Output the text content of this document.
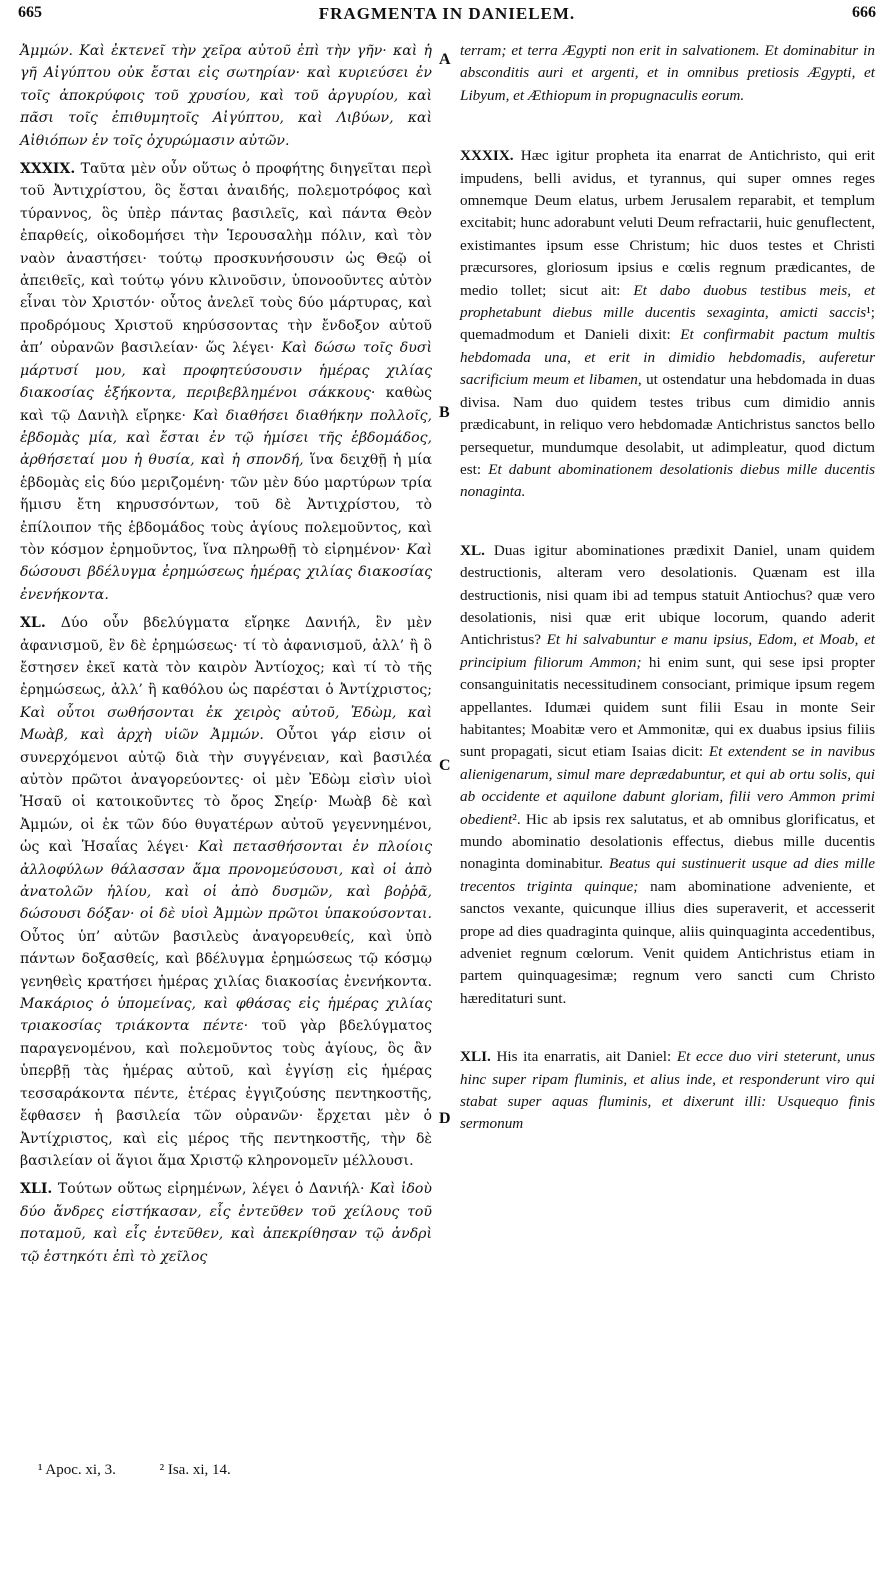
665	FRAGMENTA IN DANIELEM.	666
A
B
C
D

Ἀμμών. Καὶ ἐκτενεῖ τὴν χεῖρα αὐτοῦ ἐπὶ τὴν γῆν· καὶ ἡ γῆ Αἰγύπτου οὐκ ἔσται εἰς σωτηρίαν· καὶ κυριεύσει ἐν τοῖς ἀποκρύφοις τοῦ χρυσίου, καὶ τοῦ ἀργυρίου, καὶ πᾶσι τοῖς ἐπιθυμητοῖς Αἰγύπτου, καὶ Λιβύων, καὶ Αἰθιόπων ἐν τοῖς ὀχυρώμασιν αὐτῶν.

XXXIX. Ταῦτα μὲν οὖν οὕτως ὁ προφήτης διηγεῖται περὶ τοῦ Ἀντιχρίστου, ὃς ἔσται ἀναιδής, πολεμοτρόφος καὶ τύραννος, ὃς ὑπὲρ πάντας βασιλεῖς, καὶ πάντα Θεὸν ἐπαρθείς, οἰκοδομήσει τὴν Ἱερουσαλὴμ πόλιν, καὶ τὸν ναὸν ἀναστήσει· τούτῳ προσκυνήσουσιν ὡς Θεῷ οἱ ἀπειθεῖς, καὶ τούτῳ γόνυ κλινοῦσιν, ὑπονοοῦντες αὐτὸν εἶναι τὸν Χριστόν· οὗτος ἀνελεῖ τοὺς δύο μάρτυρας, καὶ προδρόμους Χριστοῦ κηρύσσοντας τὴν ἔνδοξον αὐτοῦ ἀπ’ οὐρανῶν βασιλείαν· ὥς λέγει· Καὶ δώσω τοῖς δυσὶ μάρτυσί μου, καὶ προφητεύσουσιν ἡμέρας χιλίας διακοσίας ἑξήκοντα, περιβεβλημένοι σάκκους· καθὼς καὶ τῷ Δανιὴλ εἴρηκε· Καὶ διαθήσει διαθήκην πολλοῖς, ἑβδομὰς μία, καὶ ἔσται ἐν τῷ ἡμίσει τῆς ἑβδομάδος, ἀρθήσεταί μου ἡ θυσία, καὶ ἡ σπονδή, ἵνα δειχθῇ ἡ μία ἑβδομὰς εἰς δύο μεριζομένη· τῶν μὲν δύο μαρτύρων τρία ἥμισυ ἔτη κηρυσσόντων, τοῦ δὲ Ἀντιχρίστου, τὸ ἐπίλοιπον τῆς ἑβδομάδος τοὺς ἁγίους πολεμοῦντος, καὶ τὸν κόσμον ἐρημοῦντος, ἵνα πληρωθῇ τὸ εἰρημένον· Καὶ δώσουσι βδέλυγμα ἐρημώσεως ἡμέρας χιλίας διακοσίας ἐνενήκοντα.

XL. Δύο οὖν βδελύγματα εἴρηκε Δανιήλ, ἓν μὲν ἀφανισμοῦ, ἓν δὲ ἐρημώσεως· τί τὸ ἀφανισμοῦ, ἀλλ’ ἢ ὃ ἔστησεν ἐκεῖ κατὰ τὸν καιρὸν Ἀντίοχος; καὶ τί τὸ τῆς ἐρημώσεως, ἀλλ’ ἢ καθόλου ὡς παρέσται ὁ Ἀντίχριστος; Καὶ οὗτοι σωθήσονται ἐκ χειρὸς αὐτοῦ, Ἐδὼμ, καὶ Μωὰβ, καὶ ἀρχὴ υἱῶν Ἀμμών. Οὗτοι γάρ εἰσιν οἱ συνερχόμενοι αὐτῷ διὰ τὴν συγγένειαν, καὶ βασιλέα αὐτὸν πρῶτοι ἀναγορεύοντες· οἱ μὲν Ἐδὼμ εἰσὶν υἱοὶ Ἡσαῦ οἱ κατοικοῦντες τὸ ὄρος Σηείρ· Μωὰβ δὲ καὶ Ἀμμών, οἱ ἐκ τῶν δύο θυγατέρων αὐτοῦ γεγεννημένοι, ὡς καὶ Ἡσαΐας λέγει· Καὶ πετασθήσονται ἐν πλοίοις ἀλλοφύλων θάλασσαν ἅμα προνομεύσουσι, καὶ οἱ ἀπὸ ἀνατολῶν ἡλίου, καὶ οἱ ἀπὸ δυσμῶν, καὶ βοῤῥᾶ, δώσουσι δόξαν· οἱ δὲ υἱοὶ Ἀμμὼν πρῶτοι ὑπακούσονται. Οὗτος ὑπ’ αὐτῶν βασιλεὺς ἀναγορευθείς, καὶ ὑπὸ πάντων δοξασθείς, καὶ βδέλυγμα ἐρημώσεως τῷ κόσμῳ γενηθεὶς κρατήσει ἡμέρας χιλίας διακοσίας ἐνενήκοντα. Μακάριος ὁ ὑπομείνας, καὶ φθάσας εἰς ἡμέρας χιλίας τριακοσίας τριάκοντα πέντε· τοῦ γὰρ βδελύγματος παραγενομένου, καὶ πολεμοῦντος τοὺς ἁγίους, ὃς ἂν ὑπερβῇ τὰς ἡμέρας αὐτοῦ, καὶ ἐγγίσῃ εἰς ἡμέρας τεσσαράκοντα πέντε, ἑτέρας ἐγγιζούσης πεντηκοστῆς, ἔφθασεν ἡ βασιλεία τῶν οὐρανῶν· ἔρχεται μὲν ὁ Ἀντίχριστος, καὶ εἰς μέρος τῆς πεντηκοστῆς, τὴν δὲ βασιλείαν οἱ ἅγιοι ἅμα Χριστῷ κληρονομεῖν μέλλουσι.

XLI. Τούτων οὕτως εἰρημένων, λέγει ὁ Δανιήλ· Καὶ ἰδοὺ δύο ἄνδρες εἱστήκασαν, εἷς ἐντεῦθεν τοῦ χείλους τοῦ ποταμοῦ, καὶ εἷς ἐντεῦθεν, καὶ ἀπεκρίθησαν τῷ ἀνδρὶ τῷ ἑστηκότι ἐπὶ τὸ χεῖλος

terram; et terra Ægypti non erit in salvationem. Et dominabitur in absconditis auri et argenti, et in omnibus pretiosis Ægypti, et Libyum, et Æthiopum in propugnaculis eorum.

XXXIX. Hæc igitur propheta ita enarrat de Antichristo, qui erit impudens, belli avidus, et tyrannus, qui super omnes reges omnemque Deum elatus, urbem Jerusalem reparabit, et templum excitabit; hunc adorabunt veluti Deum refractarii, huic genuflectent, existimantes ipsum esse Christum; hic duos testes et Christi præcursores, gloriosum ipsius e cœlis regnum prædicantes, de medio tollet; sicut ait: Et dabo duobus testibus meis, et prophetabunt diebus mille ducentis sexaginta, amicti saccis¹; quemadmodum et Danieli dixit: Et confirmabit pactum multis hebdomada una, et erit in dimidio hebdomadis, auferetur sacrificium meum et libamen, ut ostendatur una hebdomada in duas divisa. Nam duo quidem testes tribus cum dimidio annis prædicabunt, in reliquo vero hebdomadæ Antichristus sanctos bello persequetur, mundumque desolabit, ut adimpleatur, quod dictum est: Et dabunt abominationem desolationis diebus mille ducentis nonaginta.

XL. Duas igitur abominationes prædixit Daniel, unam quidem destructionis, alteram vero desolationis. Quænam est illa destructionis, nisi quam ibi ad tempus statuit Antiochus? quæ vero desolationis, nisi quæ erit ubique locorum, quando aderit Antichristus? Et hi salvabuntur e manu ipsius, Edom, et Moab, et principium filiorum Ammon; hi enim sunt, qui sese ipsi propter consanguinitatis necessitudinem consociant, primique ipsum regem appellantes. Idumæi quidem sunt filii Esau in monte Seir habitantes; Moabitæ vero et Ammonitæ, qui ex duabus ipsius filiis sunt propagati, sicut etiam Isaias dicit: Et extendent se in navibus alienigenarum, simul mare deprædabuntur, et qui ab ortu solis, qui ab occidente et aquilone dabunt gloriam, filii vero Ammon primi obedient². Hic ab ipsis rex salutatus, et ab omnibus glorificatus, et mundo abominatio desolationis effectus, diebus mille ducentis nonaginta dominabitur. Beatus qui sustinuerit usque ad dies mille trecentos triginta quinque; nam abominatione adveniente, et sanctos vexante, quicunque illius dies superaverit, et accesserit prope ad dies quadraginta quinque, aliis quinquaginta accedentibus, adveniet regnum cœlorum. Venit quidem Antichristus etiam in partem quinquagesimæ; regnum vero sancti cum Christo hæreditaturi sunt.

XLI. His ita enarratis, ait Daniel: Et ecce duo viri steterunt, unus hinc super ripam fluminis, et alius inde, et responderunt viro qui stabat super aquas fluminis, et dixerunt illi: Usquequo finis sermonum

¹ Apoc. xi, 3.	² Isa. xi, 14.
